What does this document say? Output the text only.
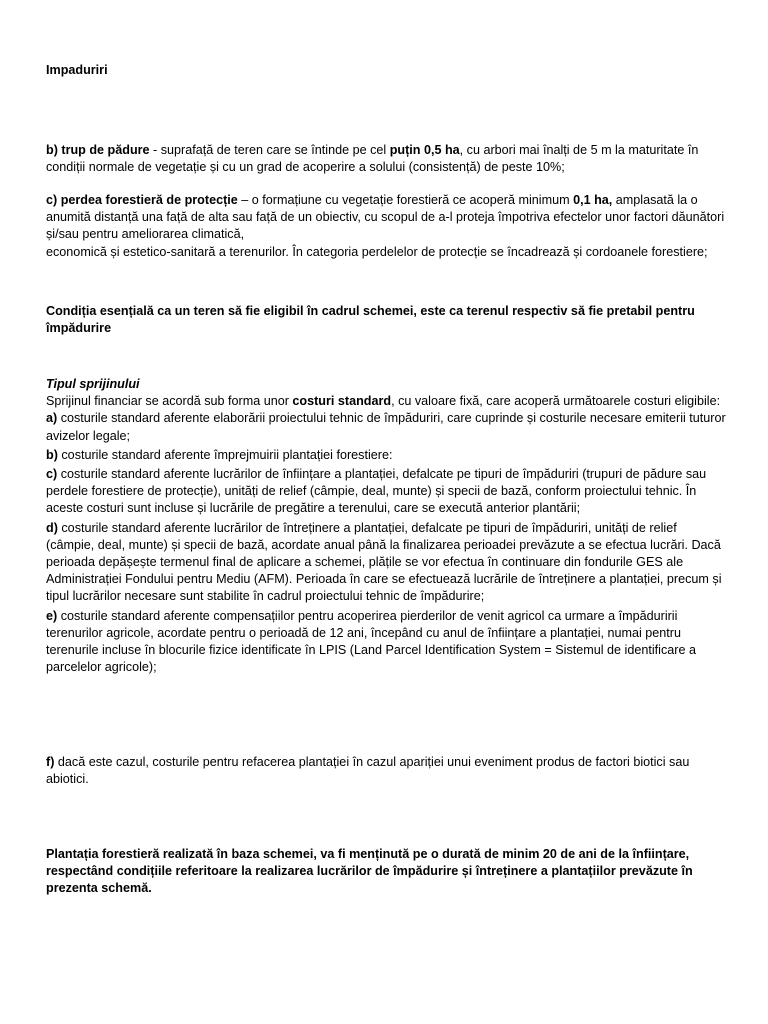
Impaduriri

b) trup de pădure - suprafață de teren care se întinde pe cel puțin 0,5 ha, cu arbori mai înalți de 5 m la maturitate în condiții normale de vegetație și cu un grad de acoperire a solului (consistență) de peste 10%;

c) perdea forestieră de protecție – o formațiune cu vegetație forestieră ce acoperă minimum 0,1 ha, amplasată la o anumită distanță una față de alta sau față de un obiectiv, cu scopul de a-l proteja împotriva efectelor unor factori dăunători și/sau pentru ameliorarea climatică,
economică și estetico-sanitară a terenurilor. În categoria perdelelor de protecție se încadrează și cordoanele forestiere;

Condiția esențială ca un teren să fie eligibil în cadrul schemei, este ca terenul respectiv să fie pretabil pentru împădurire

Tipul sprijinului

Sprijinul financiar se acordă sub forma unor costuri standard, cu valoare fixă, care acoperă următoarele costuri eligibile:

a) costurile standard aferente elaborării proiectului tehnic de împăduriri, care cuprinde și costurile necesare emiterii tuturor avizelor legale;

b) costurile standard aferente împrejmuirii plantației forestiere:

c) costurile standard aferente lucrărilor de înființare a plantației, defalcate pe tipuri de împăduriri (trupuri de pădure sau perdele forestiere de protecție), unități de relief (câmpie, deal, munte) și specii de bază, conform proiectului tehnic. În aceste costuri sunt incluse și lucrările de pregătire a terenului, care se execută anterior plantării;

d) costurile standard aferente lucrărilor de întreținere a plantației, defalcate pe tipuri de împăduriri, unități de relief (câmpie, deal, munte) și specii de bază, acordate anual până la finalizarea perioadei prevăzute a se efectua lucrări. Dacă perioada depășește termenul final de aplicare a schemei, plățile se vor efectua în continuare din fondurile GES ale Administrației Fondului pentru Mediu (AFM). Perioada în care se efectuează lucrările de întreținere a plantației, precum și tipul lucrărilor necesare sunt stabilite în cadrul proiectului tehnic de împădurire;

e) costurile standard aferente compensațiilor pentru acoperirea pierderilor de venit agricol ca urmare a împăduririi terenurilor agricole, acordate pentru o perioadă de 12 ani, începând cu anul de înființare a plantației, numai pentru terenurile incluse în blocurile fizice identificate în LPIS (Land Parcel Identification System = Sistemul de identificare a parcelelor agricole);

f) dacă este cazul, costurile pentru refacerea plantației în cazul apariției unui eveniment produs de factori biotici sau abiotici.

Plantația forestieră realizată în baza schemei, va fi menținută pe o durată de minim 20 de ani de la înființare, respectând condițiile referitoare la realizarea lucrărilor de împădurire și întreținere a plantațiilor prevăzute în prezenta schemă.
